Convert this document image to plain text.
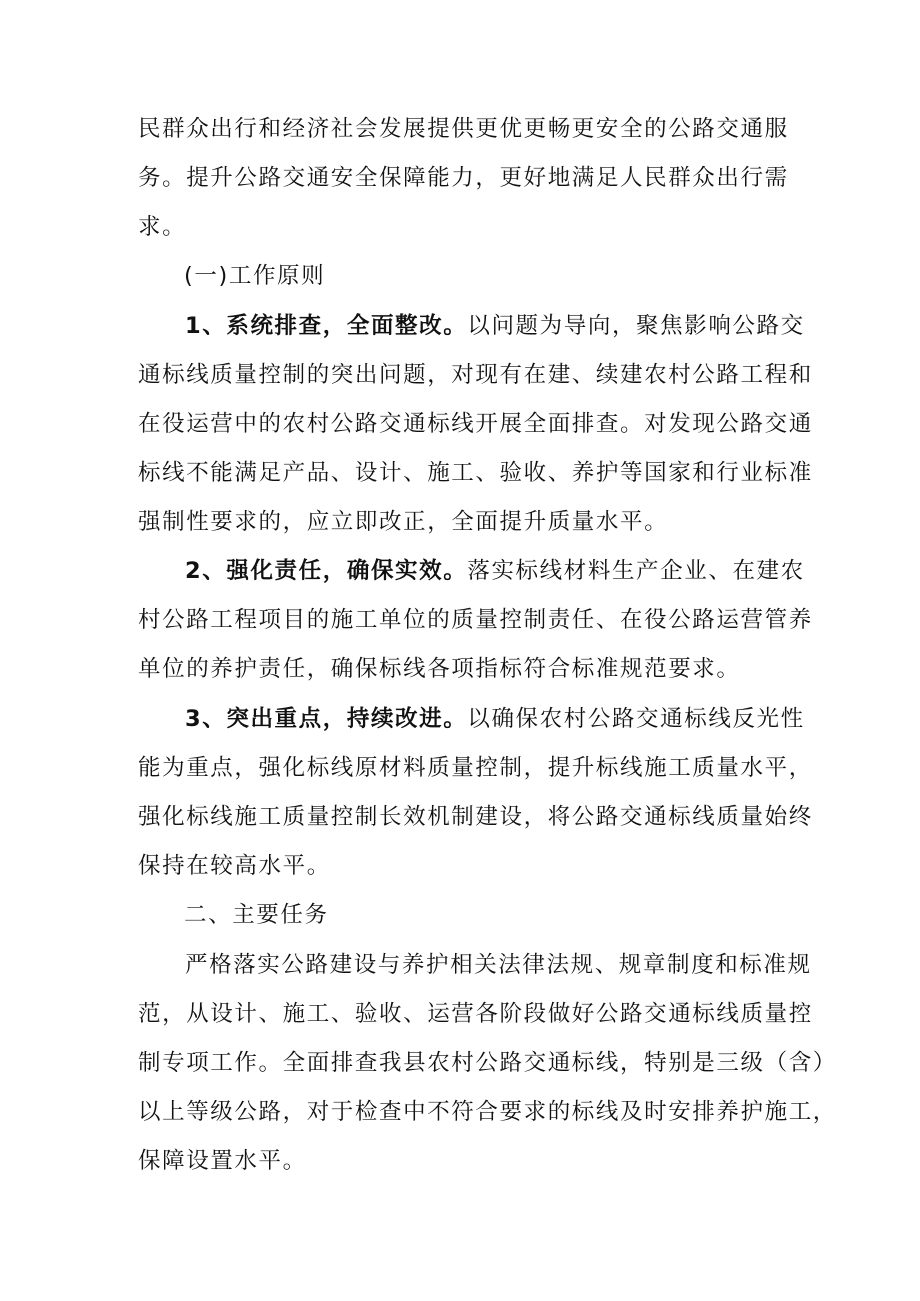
民群众出行和经济社会发展提供更优更畅更安全的公路交通服
务。提升公路交通安全保障能力，更好地满足人民群众出行需
求。
(一)工作原则
1、系统排查，全面整改。以问题为导向，聚焦影响公路交
通标线质量控制的突出问题，对现有在建、续建农村公路工程和
在役运营中的农村公路交通标线开展全面排查。对发现公路交通
标线不能满足产品、设计、施工、验收、养护等国家和行业标准
强制性要求的，应立即改正，全面提升质量水平。
2、强化责任，确保实效。落实标线材料生产企业、在建农
村公路工程项目的施工单位的质量控制责任、在役公路运营管养
单位的养护责任，确保标线各项指标符合标准规范要求。
3、突出重点，持续改进。以确保农村公路交通标线反光性
能为重点，强化标线原材料质量控制，提升标线施工质量水平，
强化标线施工质量控制长效机制建设，将公路交通标线质量始终
保持在较高水平。
二、主要任务
严格落实公路建设与养护相关法律法规、规章制度和标准规
范，从设计、施工、验收、运营各阶段做好公路交通标线质量控
制专项工作。全面排查我县农村公路交通标线，特别是三级（含）
以上等级公路，对于检查中不符合要求的标线及时安排养护施工，
保障设置水平。
